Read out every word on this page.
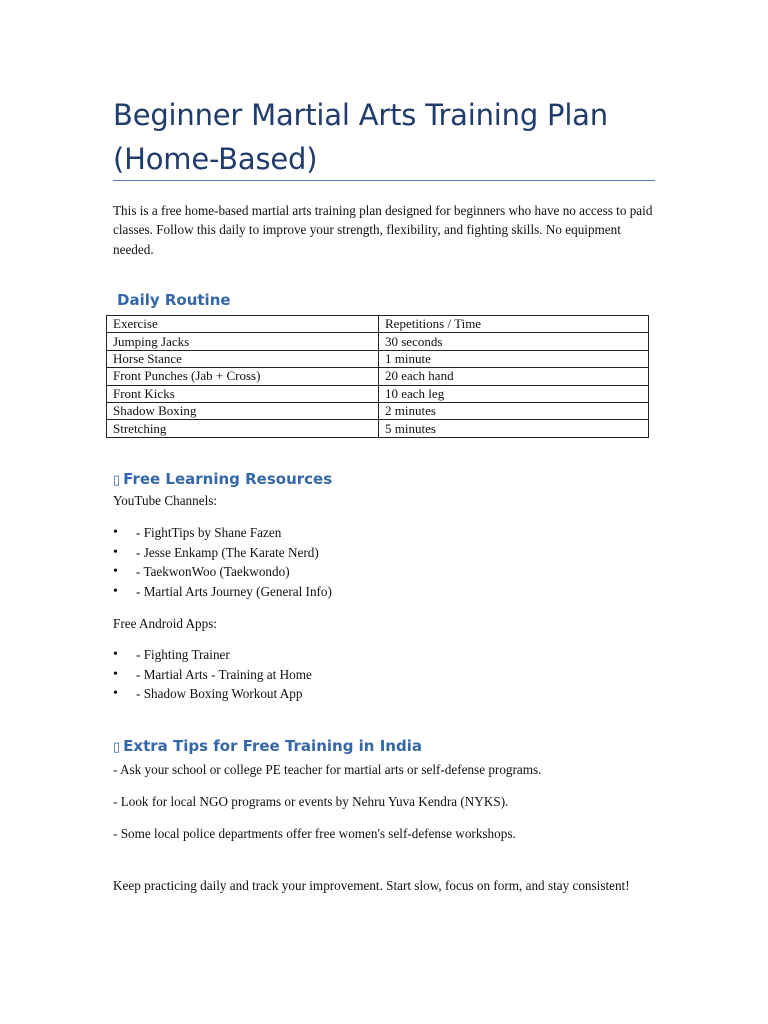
Beginner Martial Arts Training Plan (Home-Based)
This is a free home-based martial arts training plan designed for beginners who have no access to paid classes. Follow this daily to improve your strength, flexibility, and fighting skills. No equipment needed.
Daily Routine
Exercise	Repetitions / Time
Jumping Jacks	30 seconds
Horse Stance	1 minute
Front Punches (Jab + Cross)	20 each hand
Front Kicks	10 each leg
Shadow Boxing	2 minutes
Stretching	5 minutes
▯ Free Learning Resources
YouTube Channels:
• - FightTips by Shane Fazen
• - Jesse Enkamp (The Karate Nerd)
• - TaekwonWoo (Taekwondo)
• - Martial Arts Journey (General Info)
Free Android Apps:
• - Fighting Trainer
• - Martial Arts - Training at Home
• - Shadow Boxing Workout App
▯ Extra Tips for Free Training in India
- Ask your school or college PE teacher for martial arts or self-defense programs.
- Look for local NGO programs or events by Nehru Yuva Kendra (NYKS).
- Some local police departments offer free women's self-defense workshops.
Keep practicing daily and track your improvement. Start slow, focus on form, and stay consistent!
